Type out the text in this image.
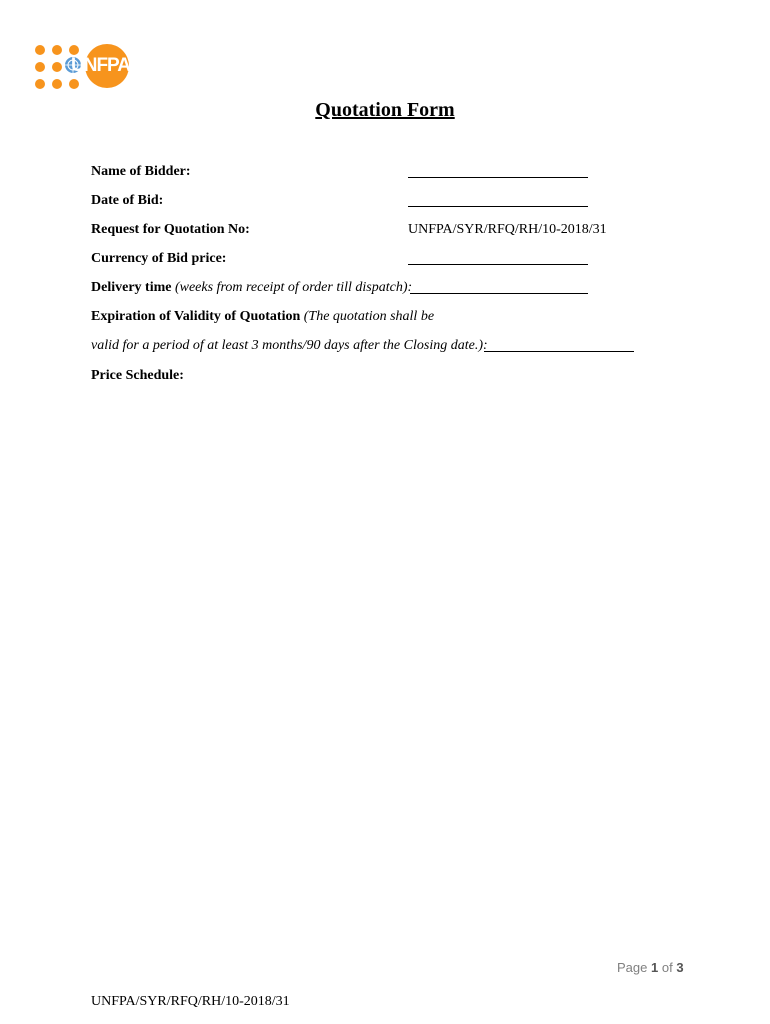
UNFPA
Quotation Form
Name of Bidder:
Date of Bid:
Request for Quotation No:	UNFPA/SYR/RFQ/RH/10-2018/31
Currency of Bid price:
Delivery time (weeks from receipt of order till dispatch):
Expiration of Validity of Quotation (The quotation shall be
valid for a period of at least 3 months/90 days after the Closing date.):
Price Schedule:
Page 1 of 3
UNFPA/SYR/RFQ/RH/10-2018/31
